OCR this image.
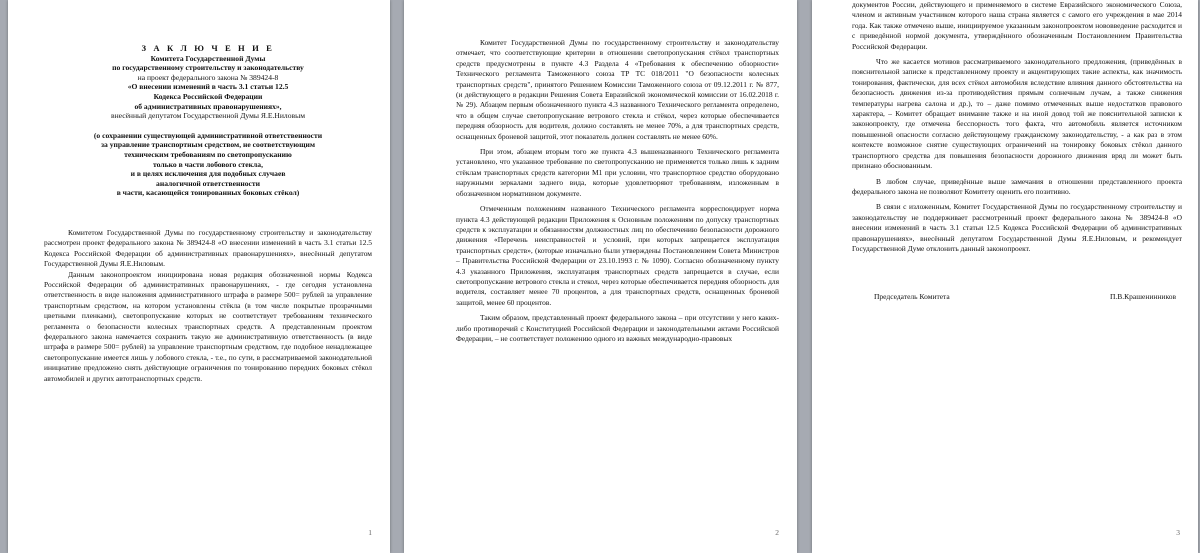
З А К Л Ю Ч Е Н И Е
Комитета Государственной Думы
по государственному строительству и законодательству
на проект федерального закона № 389424-8
«О внесении изменений в часть 3.1 статьи 12.5
Кодекса Российской Федерации
об административных правонарушениях»,
внесённый депутатом Государственной Думы Я.Е.Ниловым
(о сохранении существующей административной ответственности
за управление транспортным средством, не соответствующим
техническим требованиям по светопропусканию
только в части лобового стекла,
и в целях исключения для подобных случаев
аналогичной ответственности
в части, касающейся тонированных боковых стёкол)

Комитетом Государственной Думы по государственному строительству и законодательству рассмотрен проект федерального закона № 389424-8 «О внесении изменений в часть 3.1 статьи 12.5 Кодекса Российской Федерации об административных правонарушениях», внесённый депутатом Государственной Думы Я.Е.Ниловым.

Данным законопроектом инициирована новая редакция обозначенной нормы Кодекса Российской Федерации об административных правонарушениях, - где сегодня установлена ответственность в виде наложения административного штрафа в размере 500= рублей за управление транспортным средством, на котором установлены стёкла (в том числе покрытые прозрачными цветными пленками), светопропускание которых не соответствует требованиям технического регламента о безопасности колесных транспортных средств. А представленным проектом федерального закона намечается сохранить такую же административную ответственность (в виде штрафа в размере 500= рублей) за управление транспортным средством, где подобное ненадлежащее светопропускание имеется лишь у лобового стекла, - т.е., по сути, в рассматриваемой законодательной инициативе предложено снять действующие ограничения по тонированию передних боковых стёкол автомобилей и других автотранспортных средств.

1

Комитет Государственной Думы по государственному строительству и законодательству отмечает, что соответствующие критерии в отношении светопропускания стёкол транспортных средств предусмотрены в пункте 4.3 Раздела 4 «Требования к обеспечению обзорности» Технического регламента Таможенного союза ТР ТС 018/2011 "О безопасности колесных транспортных средств", принятого Решением Комиссии Таможенного союза от 09.12.2011 г. № 877, (и действующего в редакции Решения Совета Евразийской экономической комиссии от 16.02.2018 г. № 29). Абзацем первым обозначенного пункта 4.3 названного Технического регламента определено, что в общем случае светопропускание ветрового стекла и стёкол, через которые обеспечивается передняя обзорность для водителя, должно составлять не менее 70%, а для транспортных средств, оснащенных броневой защитой, этот показатель должен составлять не менее 60%.

При этом, абзацем вторым того же пункта 4.3 вышеназванного Технического регламента установлено, что указанное требование по светопропусканию не применяется только лишь к задним стёклам транспортных средств категории М1 при условии, что транспортное средство оборудовано наружными зеркалами заднего вида, которые удовлетворяют требованиям, изложенным в обозначенном нормативном документе.

Отмеченным положениям названного Технического регламента корреспондирует норма пункта 4.3 действующей редакции Приложения к Основным положениям по допуску транспортных средств к эксплуатации и обязанностям должностных лиц по обеспечению безопасности дорожного движения «Перечень неисправностей и условий, при которых запрещается эксплуатация транспортных средств», (которые изначально были утверждены Постановлением Совета Министров – Правительства Российской Федерации от 23.10.1993 г. № 1090). Согласно обозначенному пункту 4.3 указанного Приложения, эксплуатация транспортных средств запрещается в случае, если светопропускание ветрового стекла и стекол, через которые обеспечивается передняя обзорность для водителя, составляет менее 70 процентов, а для транспортных средств, оснащенных броневой защитой, менее 60 процентов.

Таким образом, представленный проект федерального закона – при отсутствии у него каких-либо противоречий с Конституцией Российской Федерации и законодательными актами Российской Федерации, – не соответствует положению одного из важных международно-правовых

2

документов России, действующего и применяемого в системе Евразийского экономического Союза, членом и активным участником которого наша страна является с самого его учреждения в мае 2014 года. Как также отмечено выше, инициируемое указанным законопроектом нововведение расходится и с приведённой нормой документа, утверждённого обозначенным Постановлением Правительства Российской Федерации.

Что же касается мотивов рассматриваемого законодательного предложения, (приведённых в пояснительной записке к представленному проекту и акцентирующих такие аспекты, как значимость тонирования, фактически, для всех стёкол автомобиля вследствие влияния данного обстоятельства на безопасность движения из-за противодействия прямым солнечным лучам, а также снижения температуры нагрева салона и др.), то – даже помимо отмеченных выше недостатков правового характера, – Комитет обращает внимание также и на иной довод той же пояснительной записки к законопроекту, где отмечена бесспорность того факта, что автомобиль является источником повышенной опасности согласно действующему гражданскому законодательству, - а как раз в этом контексте возможное снятие существующих ограничений на тонировку боковых стёкол данного транспортного средства для повышения безопасности дорожного движения вряд ли может быть признано обоснованным.

В любом случае, приведённые выше замечания в отношении представленного проекта федерального закона не позволяют Комитету оценить его позитивно.

В связи с изложенным, Комитет Государственной Думы по государственному строительству и законодательству не поддерживает рассмотренный проект федерального закона № 389424-8 «О внесении изменений в часть 3.1 статьи 12.5 Кодекса Российской Федерации об административных правонарушениях», внесённый депутатом Государственной Думы Я.Е.Ниловым, и рекомендует Государственной Думе отклонить данный законопроект.

Председатель Комитета	П.В.Крашенинников
3
